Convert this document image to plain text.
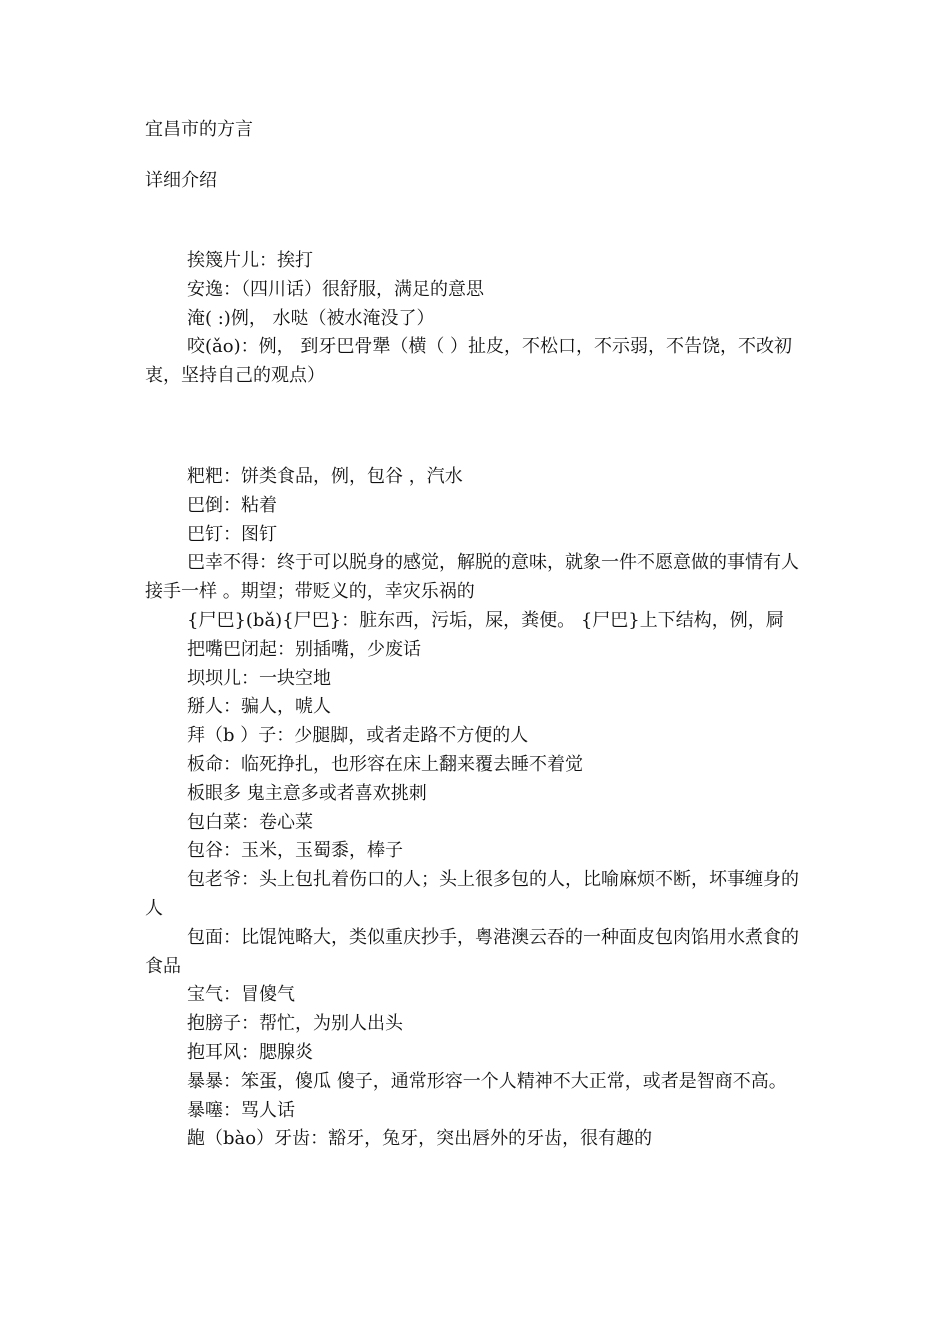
宜昌市的方言
详细介绍

挨篾片儿：挨打

安逸：（四川话）很舒服，满足的意思

淹( :)例， 水哒（被水淹没了）

咬(ǎo)：例， 到牙巴骨犟（横（ ）扯皮，不松口，不示弱，不告饶，不改初衷，坚持自己的观点）

粑粑：饼类食品，例，包谷 ，汽水

巴倒：粘着

巴钉：图钉

巴幸不得：终于可以脱身的感觉，解脱的意味，就象一件不愿意做的事情有人接手一样 。期望；带贬义的，幸灾乐祸的

{尸巴}(bǎ){尸巴}：脏东西，污垢，屎，粪便。 {尸巴}上下结构，例，屙

把嘴巴闭起：别插嘴，少废话

坝坝儿：一块空地

掰人：骗人，唬人

拜（b ）子：少腿脚，或者走路不方便的人

板命：临死挣扎，也形容在床上翻来覆去睡不着觉

板眼多 鬼主意多或者喜欢挑刺

包白菜：卷心菜

包谷：玉米，玉蜀黍，棒子

包老爷：头上包扎着伤口的人；头上很多包的人，比喻麻烦不断，坏事缠身的人

包面：比馄饨略大，类似重庆抄手，粤港澳云吞的一种面皮包肉馅用水煮食的食品

宝气：冒傻气

抱膀子：帮忙，为别人出头

抱耳风：腮腺炎

暴暴：笨蛋，傻瓜 傻子，通常形容一个人精神不大正常，或者是智商不高。

暴噻：骂人话

龅（bào）牙齿：豁牙，兔牙，突出唇外的牙齿，很有趣的
